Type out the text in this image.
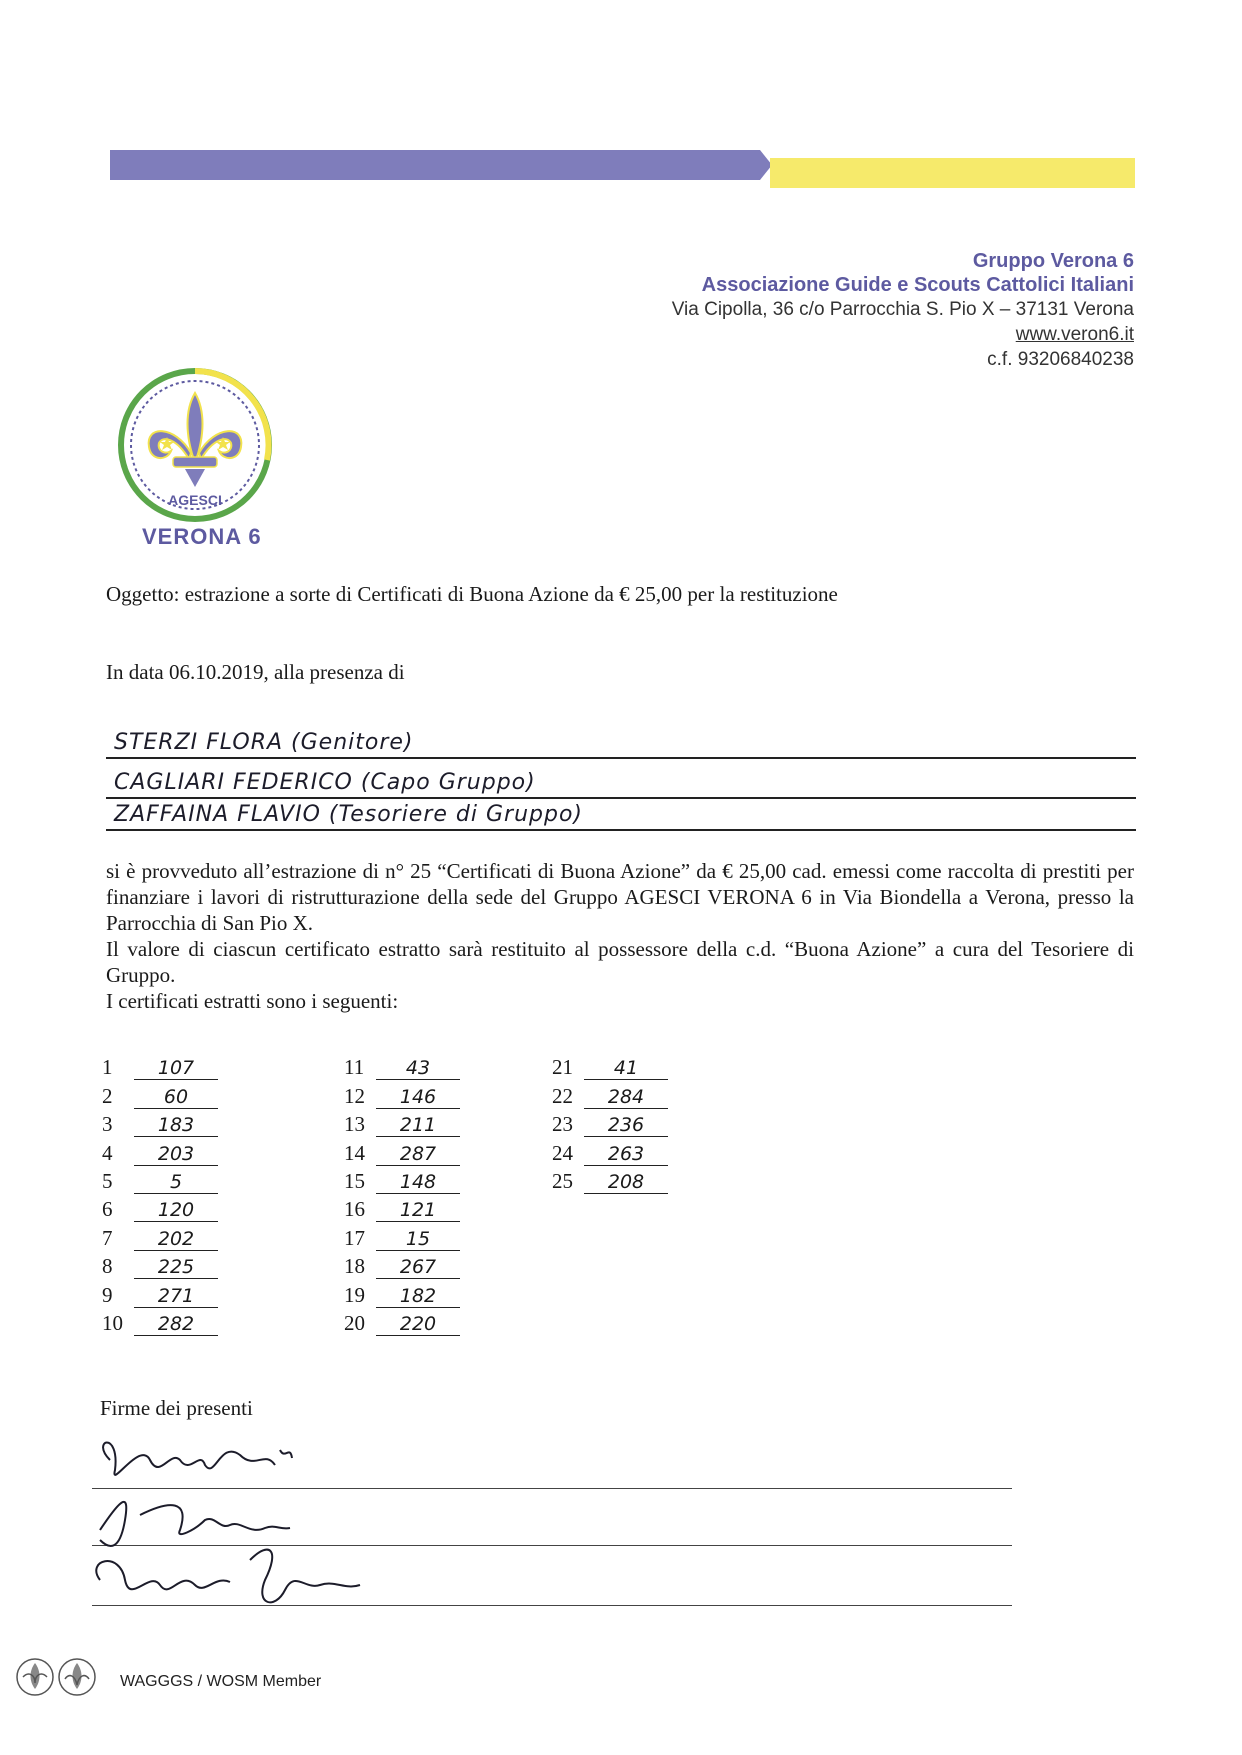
Gruppo Verona 6
Associazione Guide e Scouts Cattolici Italiani
Via Cipolla, 36 c/o Parrocchia S. Pio X – 37131 Verona
www.veron6.it
c.f. 93206840238
AGESCI
VERONA 6
Oggetto: estrazione a sorte di Certificati di Buona Azione da € 25,00 per la restituzione
In data 06.10.2019, alla presenza di
STERZI FLORA (Genitore)
CAGLIARI FEDERICO (Capo Gruppo)
ZAFFAINA FLAVIO (Tesoriere di Gruppo)
si è provveduto all’estrazione di n° 25 “Certificati di Buona Azione” da € 25,00 cad. emessi come raccolta di prestiti per finanziare i lavori di ristrutturazione della sede del Gruppo AGESCI VERONA 6 in Via Biondella a Verona, presso la Parrocchia di San Pio X.
Il valore di ciascun certificato estratto sarà restituito al possessore della c.d. “Buona Azione” a cura del Tesoriere di Gruppo.
I certificati estratti sono i seguenti:
1	107
2	60
3	183
4	203
5	5
6	120
7	202
8	225
9	271
10	282
11	43
12	146
13	211
14	287
15	148
16	121
17	15
18	267
19	182
20	220
21	41
22	284
23	236
24	263
25	208
Firme dei presenti
WAGGGS / WOSM Member
